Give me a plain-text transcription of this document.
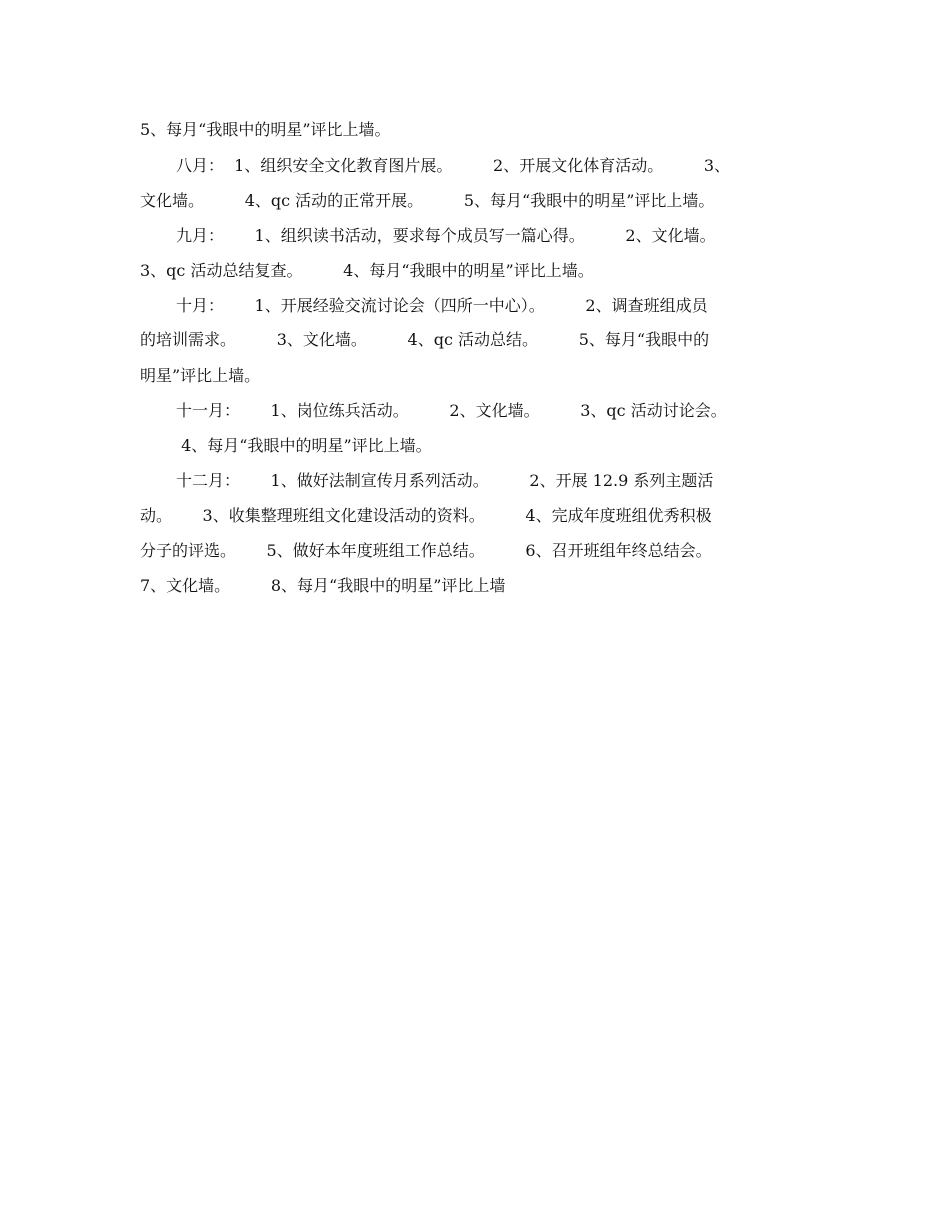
5、每月“我眼中的明星”评比上墙。
八月：  1、组织安全文化教育图片展。        2、开展文化体育活动。        3、
文化墙。        4、qc 活动的正常开展。        5、每月“我眼中的明星”评比上墙。
九月：      1、组织读书活动，要求每个成员写一篇心得。        2、文化墙。
3、qc 活动总结复查。        4、每月“我眼中的明星”评比上墙。
十月：      1、开展经验交流讨论会（四所一中心）。        2、调查班组成员
的培训需求。        3、文化墙。        4、qc 活动总结。        5、每月“我眼中的
明星”评比上墙。
十一月：      1、岗位练兵活动。        2、文化墙。        3、qc 活动讨论会。
4、每月“我眼中的明星”评比上墙。
十二月：      1、做好法制宣传月系列活动。        2、开展 12.9 系列主题活
动。      3、收集整理班组文化建设活动的资料。        4、完成年度班组优秀积极
分子的评选。      5、做好本年度班组工作总结。        6、召开班组年终总结会。
7、文化墙。        8、每月“我眼中的明星”评比上墙
